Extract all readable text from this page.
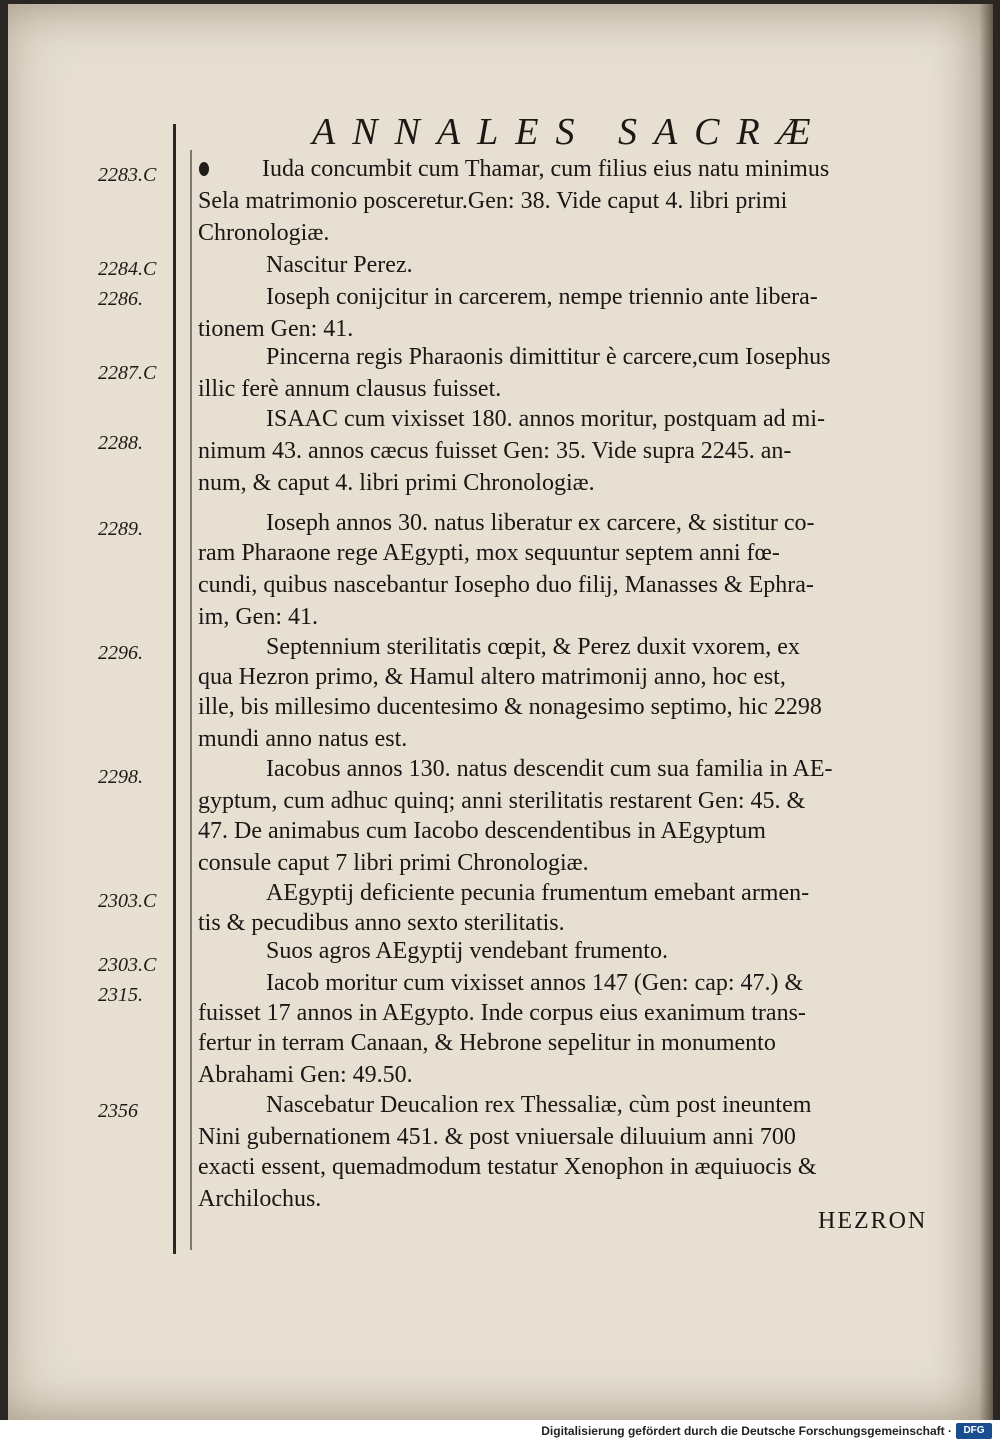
ANNALES SACRÆ
2283.C
2284.C
2286.
2287.C
2288.
2289.
2296.
2298.
2303.C
2303.C
2315.
2356
Iuda concumbit cum Thamar, cum filius eius natu minimus
Sela matrimonio posceretur.Gen: 38. Vide caput 4. libri primi
Chronologiæ.
Nascitur Perez.
Ioseph conijcitur in carcerem, nempe triennio ante libera-
tionem Gen: 41.
Pincerna regis Pharaonis dimittitur è carcere,cum Iosephus
illic ferè annum clausus fuisset.
ISAAC cum vixisset 180. annos moritur, postquam ad mi-
nimum 43. annos cæcus fuisset Gen: 35. Vide supra 2245. an-
num, & caput 4. libri primi Chronologiæ.
Ioseph annos 30. natus liberatur ex carcere, & sistitur co-
ram Pharaone rege AEgypti, mox sequuntur septem anni fœ-
cundi, quibus nascebantur Iosepho duo filij, Manasses & Ephra-
im, Gen: 41.
Septennium sterilitatis cœpit, & Perez duxit vxorem, ex
qua Hezron primo, & Hamul altero matrimonij anno, hoc est,
ille, bis millesimo ducentesimo & nonagesimo septimo, hic 2298
mundi anno natus est.
Iacobus annos 130. natus descendit cum sua familia in AE-
gyptum, cum adhuc quinq; anni sterilitatis restarent Gen: 45. &
47. De animabus cum Iacobo descendentibus in AEgyptum
consule caput 7 libri primi Chronologiæ.
AEgyptij deficiente pecunia frumentum emebant armen-
tis & pecudibus anno sexto sterilitatis.
Suos agros AEgyptij vendebant frumento.
Iacob moritur cum vixisset annos 147 (Gen: cap: 47.) &
fuisset 17 annos in AEgypto. Inde corpus eius exanimum trans-
fertur in terram Canaan, & Hebrone sepelitur in monumento
Abrahami Gen: 49.50.
Nascebatur Deucalion rex Thessaliæ, cùm post ineuntem
Nini gubernationem 451. & post vniuersale diluuium anni 700
exacti essent, quemadmodum testatur Xenophon in æquiuocis &
Archilochus.
HEZRON
Digitalisierung gefördert durch die Deutsche Forschungsgemeinschaft ·	DFG
